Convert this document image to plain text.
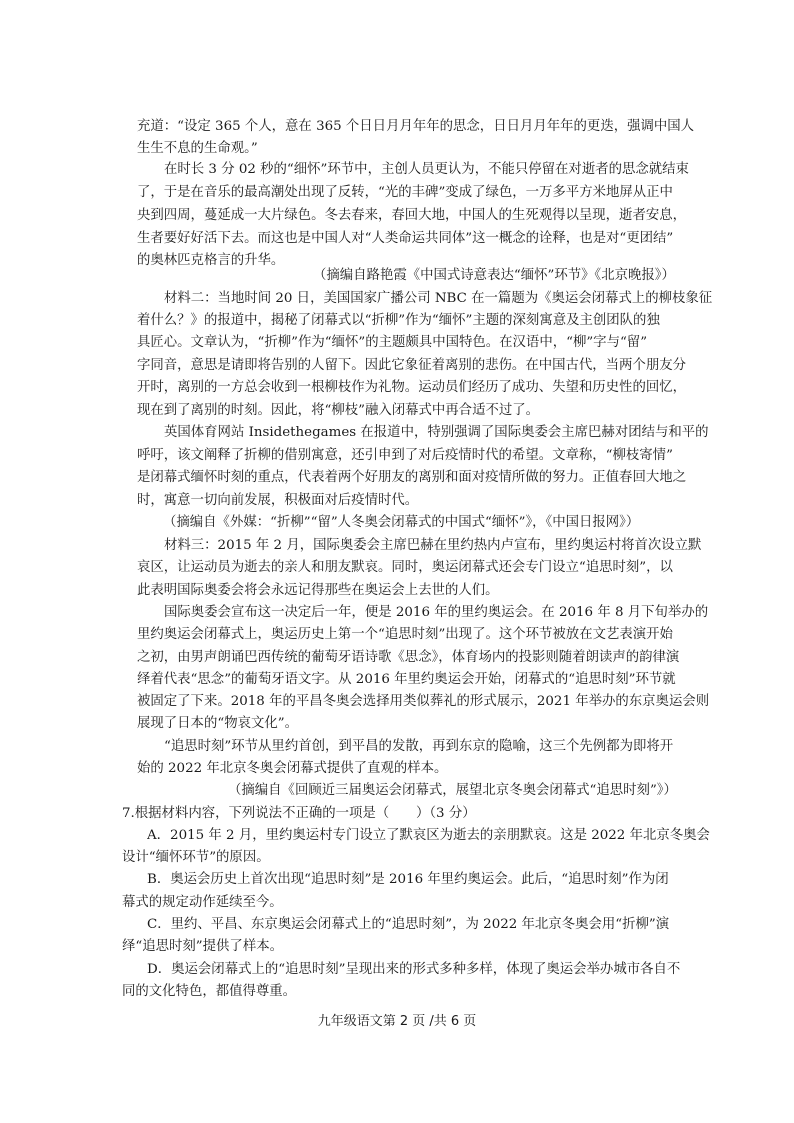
充道：“设定 365 个人，意在 365 个日日月月年年的思念，日日月月年年的更迭，强调中国人
生生不息的生命观。”
在时长 3 分 02 秒的“细怀”环节中，主创人员更认为，不能只停留在对逝者的思念就结束
了，于是在音乐的最高潮处出现了反转，“光的丰碑”变成了绿色，一万多平方米地屏从正中
央到四周，蔓延成一大片绿色。冬去春来，春回大地，中国人的生死观得以呈现，逝者安息，
生者要好好活下去。而这也是中国人对“人类命运共同体”这一概念的诠释，也是对“更团结”
的奥林匹克格言的升华。
（摘编自路艳霞《中国式诗意表达“缅怀”环节》《北京晚报》）
材料二：当地时间 20 日，美国国家广播公司 NBC 在一篇题为《奥运会闭幕式上的柳枝象征
着什么？》的报道中，揭秘了闭幕式以“折柳”作为“缅怀”主题的深刻寓意及主创团队的独
具匠心。文章认为，“折柳”作为“缅怀”的主题颇具中国特色。在汉语中，“柳”字与“留”
字同音，意思是请即将告别的人留下。因此它象征着离别的悲伤。在中国古代，当两个朋友分
开时，离别的一方总会收到一根柳枝作为礼物。运动员们经历了成功、失望和历史性的回忆，
现在到了离别的时刻。因此，将“柳枝”融入闭幕式中再合适不过了。
英国体育网站 Insidethegames 在报道中，特别强调了国际奥委会主席巴赫对团结与和平的
呼吁，该文阐释了折柳的借别寓意，还引申到了对后疫情时代的希望。文章称，“柳枝寄情”
是闭幕式缅怀时刻的重点，代表着两个好朋友的离别和面对疫情所做的努力。正值春回大地之
时，寓意一切向前发展，积极面对后疫情时代。
（摘编自《外媒：“折柳”“留”人冬奥会闭幕式的中国式“缅怀”》，《中国日报网》）
材料三：2015 年 2 月，国际奥委会主席巴赫在里约热内卢宣布，里约奥运村将首次设立默
哀区，让运动员为逝去的亲人和朋友默哀。同时，奥运闭幕式还会专门设立“追思时刻”，以
此表明国际奥委会将会永远记得那些在奥运会上去世的人们。
国际奥委会宣布这一决定后一年，便是 2016 年的里约奥运会。在 2016 年 8 月下旬举办的
里约奥运会闭幕式上，奥运历史上第一个“追思时刻”出现了。这个环节被放在文艺表演开始
之初，由男声朗诵巴西传统的葡萄牙语诗歌《思念》，体育场内的投影则随着朗读声的韵律演
绎着代表“思念”的葡萄牙语文字。从 2016 年里约奥运会开始，闭幕式的“追思时刻”环节就
被固定了下来。2018 年的平昌冬奥会选择用类似葬礼的形式展示，2021 年举办的东京奥运会则
展现了日本的“物哀文化”。
“追思时刻”环节从里约首创，到平昌的发散，再到东京的隐喻，这三个先例都为即将开
始的 2022 年北京冬奥会闭幕式提供了直观的样本。
（摘编自《回顾近三届奥运会闭幕式，展望北京冬奥会闭幕式“追思时刻”》）
7.根据材料内容，下列说法不正确的一项是（　　）（3 分）
A．2015 年 2 月，里约奥运村专门设立了默哀区为逝去的亲朋默哀。这是 2022 年北京冬奥会
设计“缅怀环节”的原因。
B．奥运会历史上首次出现“追思时刻”是 2016 年里约奥运会。此后，“追思时刻”作为闭
幕式的规定动作延续至今。
C．里约、平昌、东京奥运会闭幕式上的“追思时刻”，为 2022 年北京冬奥会用“折柳”演
绎“追思时刻”提供了样本。
D．奥运会闭幕式上的“追思时刻”呈现出来的形式多种多样，体现了奥运会举办城市各自不
同的文化特色，都值得尊重。
九年级语文第 2 页 /共 6 页
